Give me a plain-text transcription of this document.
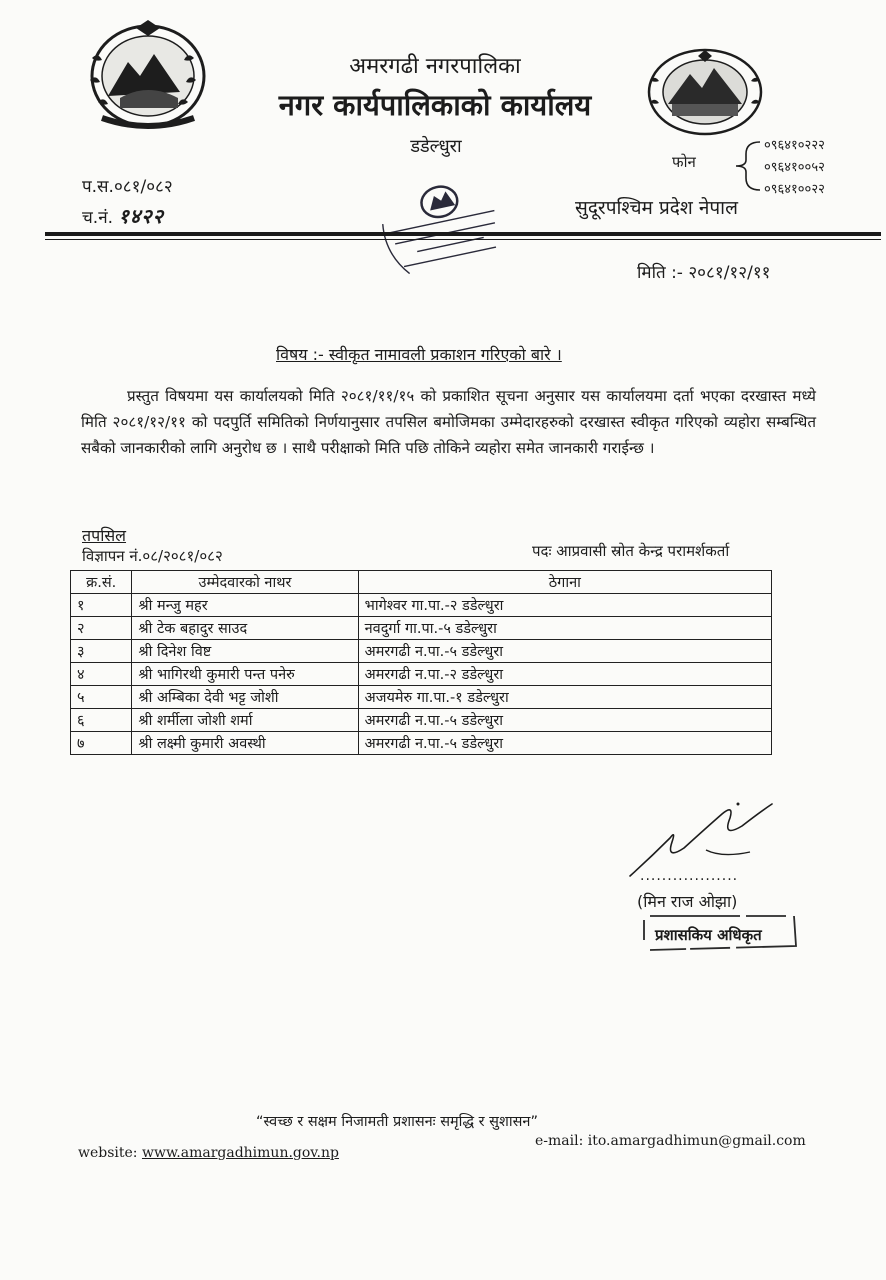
अमरगढी नगरपालिका
नगर कार्यपालिकाको कार्यालय
डडेल्धुरा
फोन
०९६४१०२२२
०९६४१००५२
०९६४१००२२
प.स.०८१/०८२
च.नं. १४२२	सुदूरपश्चिम प्रदेश नेपाल
मिति :- २०८१/१२/११
विषय :- स्वीकृत नामावली प्रकाशन गरिएको बारे ।
प्रस्तुत विषयमा यस कार्यालयको मिति २०८१/११/१५ को प्रकाशित सूचना अनुसार यस कार्यालयमा दर्ता भएका दरखास्त मध्ये मिति २०८१/१२/११ को पदपुर्ति समितिको निर्णयानुसार तपसिल बमोजिमका उम्मेदारहरुको दरखास्त स्वीकृत गरिएको व्यहोरा सम्बन्धित सबैको जानकारीको लागि अनुरोध छ । साथै परीक्षाको मिति पछि तोकिने व्यहोरा समेत जानकारी गराईन्छ ।
तपसिल
विज्ञापन नं.०८/२०८१/०८२	पदः आप्रवासी स्रोत केन्द्र परामर्शकर्ता
क्र.सं.	उम्मेदवारको नाथर	ठेगाना
१	श्री मन्जु महर	भागेश्वर गा.पा.-२ डडेल्धुरा
२	श्री टेक बहादुर साउद	नवदुर्गा गा.पा.-५ डडेल्धुरा
३	श्री दिनेश विष्ट	अमरगढी न.पा.-५ डडेल्धुरा
४	श्री भागिरथी कुमारी पन्त पनेरु	अमरगढी न.पा.-२ डडेल्धुरा
५	श्री अम्बिका देवी भट्ट जोशी	अजयमेरु गा.पा.-१ डडेल्धुरा
६	श्री शर्मीला जोशी शर्मा	अमरगढी न.पा.-५ डडेल्धुरा
७	श्री लक्ष्मी कुमारी अवस्थी	अमरगढी न.पा.-५ डडेल्धुरा
..................
(मिन राज ओझा)
प्रशासकिय अधिकृत
“स्वच्छ र सक्षम निजामती प्रशासनः समृद्धि र सुशासन”
e-mail: ito.amargadhimun@gmail.com
website: www.amargadhimun.gov.np
